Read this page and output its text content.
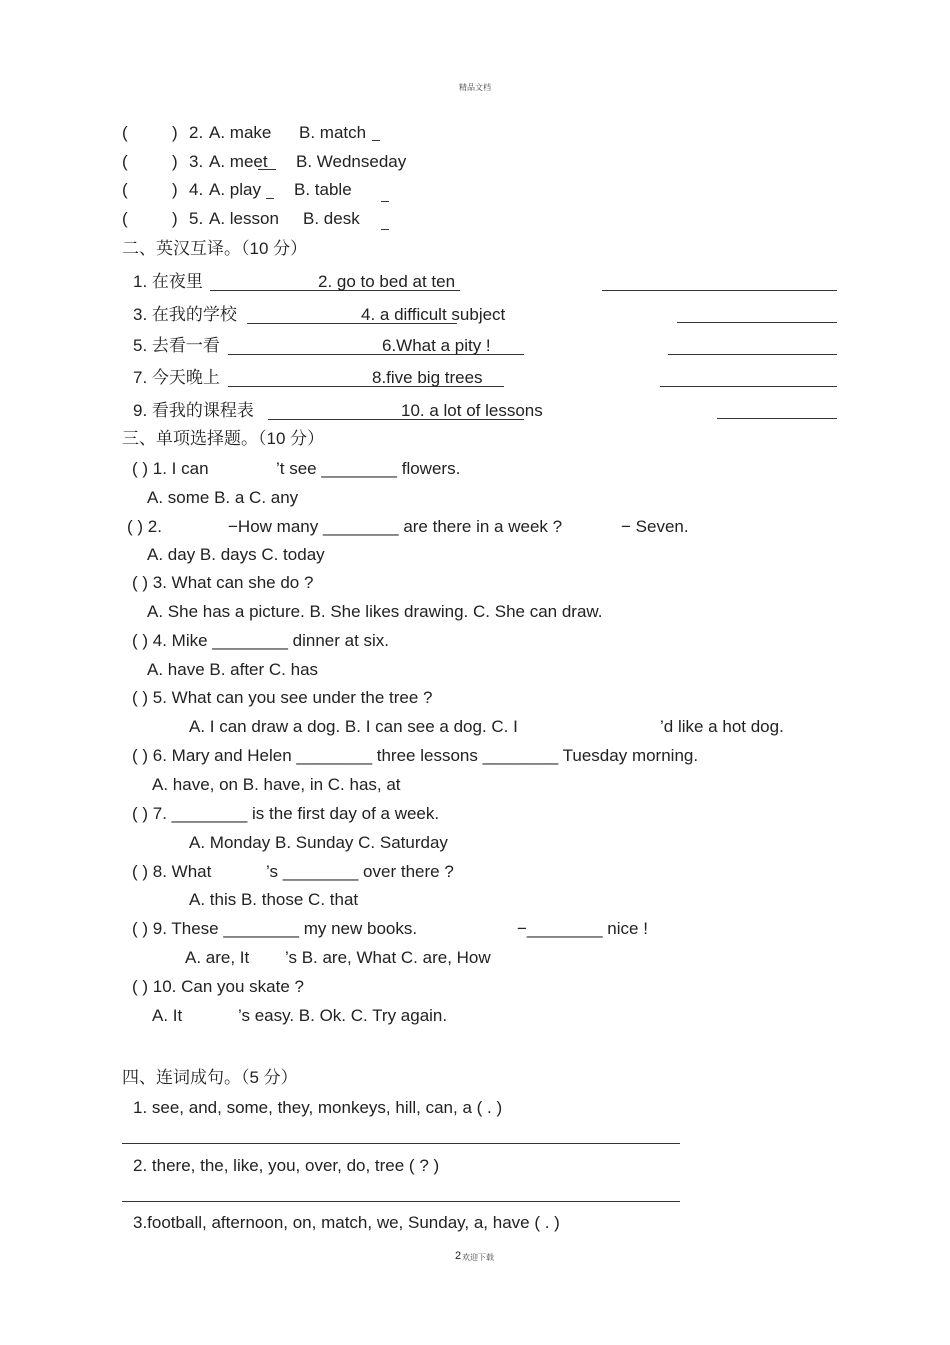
精品文档
(	) 2. A. make B. match
(	) 3. A. meet B. Wednseday
(	) 4. A. play B. table
(	) 5. A. lesson B. desk
二、英汉互译。（10 分）
1. 在夜里	2. go to bed at ten
3. 在我的学校	4. a difficult subject
5. 去看一看	6.What a pity !
7. 今天晚上	8.five big trees
9. 看我的课程表	10. a lot of lessons
三、单项选择题。（10 分）
( ) 1. I can	’t see ________ flowers.
A. some B. a C. any
( ) 2.	−How many ________ are there in a week ?	− Seven.
A. day B. days C. today
( ) 3. What can she do ?
A. She has a picture. B. She likes drawing. C. She can draw.
( ) 4. Mike ________ dinner at six.
A. have B. after C. has
( ) 5. What can you see under the tree ?
A. I can draw a dog. B. I can see a dog. C. I	’d like a hot dog.
( ) 6. Mary and Helen ________ three lessons ________ Tuesday morning.
A. have, on B. have, in C. has, at
( ) 7. ________ is the first day of a week.
A. Monday B. Sunday C. Saturday
( ) 8. What	’s ________ over there ?
A. this B. those C. that
( ) 9. These ________ my new books.	−________ nice !
A. are, It ’s B. are, What C. are, How
( ) 10. Can you skate ?
A. It	’s easy. B. Ok. C. Try again.
四、连词成句。（5 分）
1. see, and, some, they, monkeys, hill, can, a ( . )
2. there, the, like, you, over, do, tree ( ? )
3.football, afternoon, on, match, we, Sunday, a, have ( . )
2 欢迎下载
